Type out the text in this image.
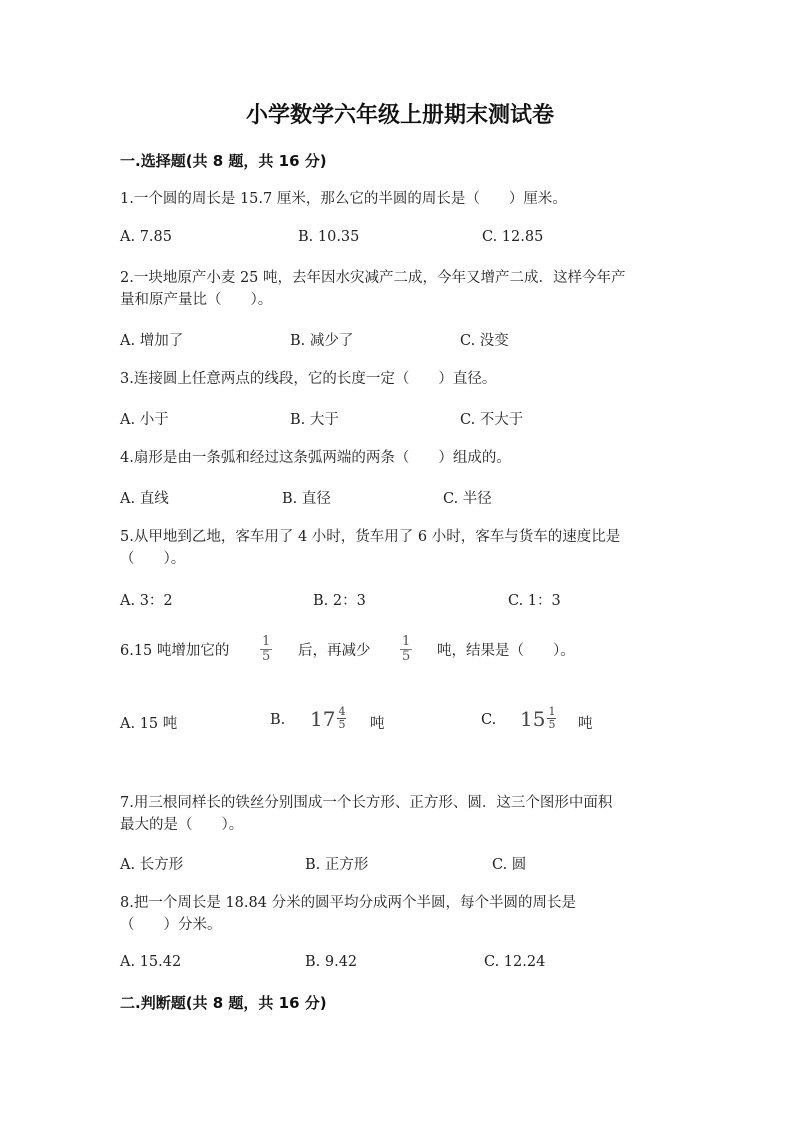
小学数学六年级上册期末测试卷
一.选择题(共 8 题，共 16 分)
1.一个圆的周长是 15.7 厘米，那么它的半圆的周长是（　　）厘米。
A. 7.85	B. 10.35	C. 12.85
2.一块地原产小麦 25 吨，去年因水灾减产二成，今年又增产二成．这样今年产
量和原产量比（　　）。
A. 增加了	B. 减少了	C. 没变
3.连接圆上任意两点的线段，它的长度一定（　　）直径。
A. 小于	B. 大于	C. 不大于
4.扇形是由一条弧和经过这条弧两端的两条（　　）组成的。
A. 直线	B. 直径	C. 半径
5.从甲地到乙地，客车用了 4 小时，货车用了 6 小时，客车与货车的速度比是
（　　）。
A. 3：2	B. 2：3	C. 1：3
6.15 吨增加它的 $\frac{1}{5}$ 后，再减少 $\frac{1}{5}$ 吨，结果是（　　）。
A. 15 吨	B. $17 \frac{4}{5}$ 吨	C. $15 \frac{1}{5}$ 吨
7.用三根同样长的铁丝分别围成一个长方形、正方形、圆．这三个图形中面积
最大的是（　　）。
A. 长方形	B. 正方形	C. 圆
8.把一个周长是 18.84 分米的圆平均分成两个半圆，每个半圆的周长是
（　　）分米。
A. 15.42	B. 9.42	C. 12.24
二.判断题(共 8 题，共 16 分)
